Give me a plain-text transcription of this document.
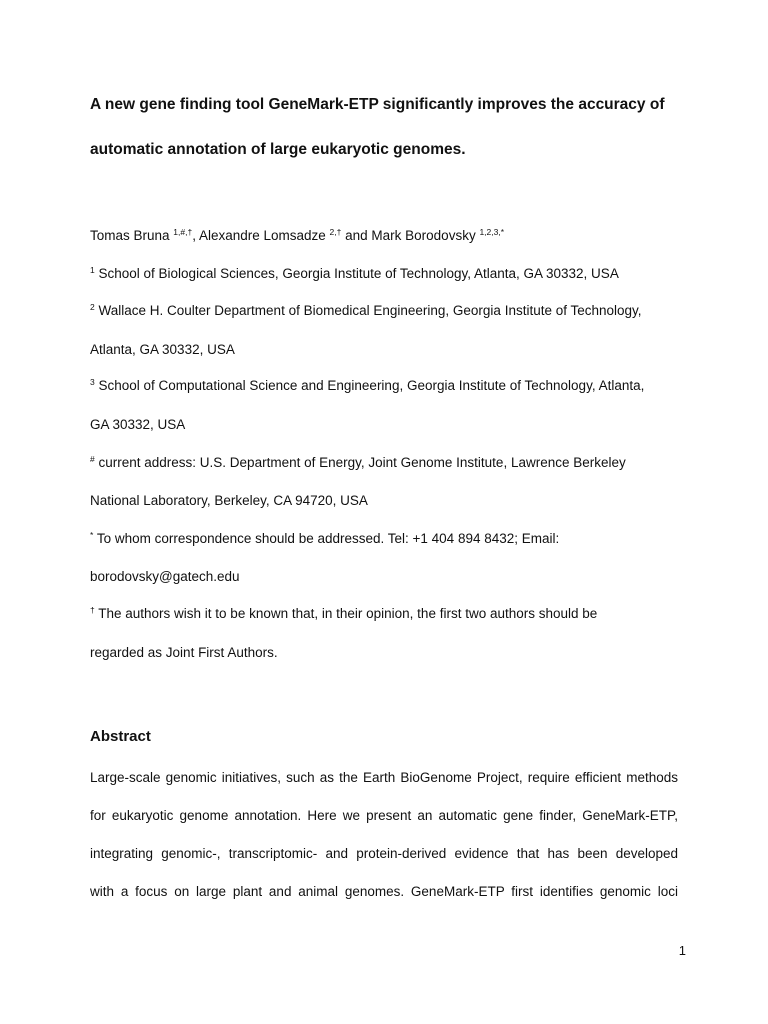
A new gene finding tool GeneMark-ETP significantly improves the accuracy of

automatic annotation of large eukaryotic genomes.

Tomas Bruna $^{1,\#,\dagger}$, Alexandre Lomsadze $^{2,\dagger}$ and Mark Borodovsky $^{1,2,3,*}$

$^1$ School of Biological Sciences, Georgia Institute of Technology, Atlanta, GA 30332, USA

$^2$ Wallace H. Coulter Department of Biomedical Engineering, Georgia Institute of Technology,

Atlanta, GA 30332, USA

$^3$ School of Computational Science and Engineering, Georgia Institute of Technology, Atlanta,

GA 30332, USA

# current address: U.S. Department of Energy, Joint Genome Institute, Lawrence Berkeley

National Laboratory, Berkeley, CA 94720, USA

* To whom correspondence should be addressed. Tel: +1 404 894 8432; Email:

borodovsky@gatech.edu

† The authors wish it to be known that, in their opinion, the first two authors should be

regarded as Joint First Authors.

Abstract

Large-scale genomic initiatives, such as the Earth BioGenome Project, require efficient methods

for eukaryotic genome annotation. Here we present an automatic gene finder, GeneMark-ETP,

integrating genomic-, transcriptomic- and protein-derived evidence that has been developed

with a focus on large plant and animal genomes. GeneMark-ETP first identifies genomic loci

1
